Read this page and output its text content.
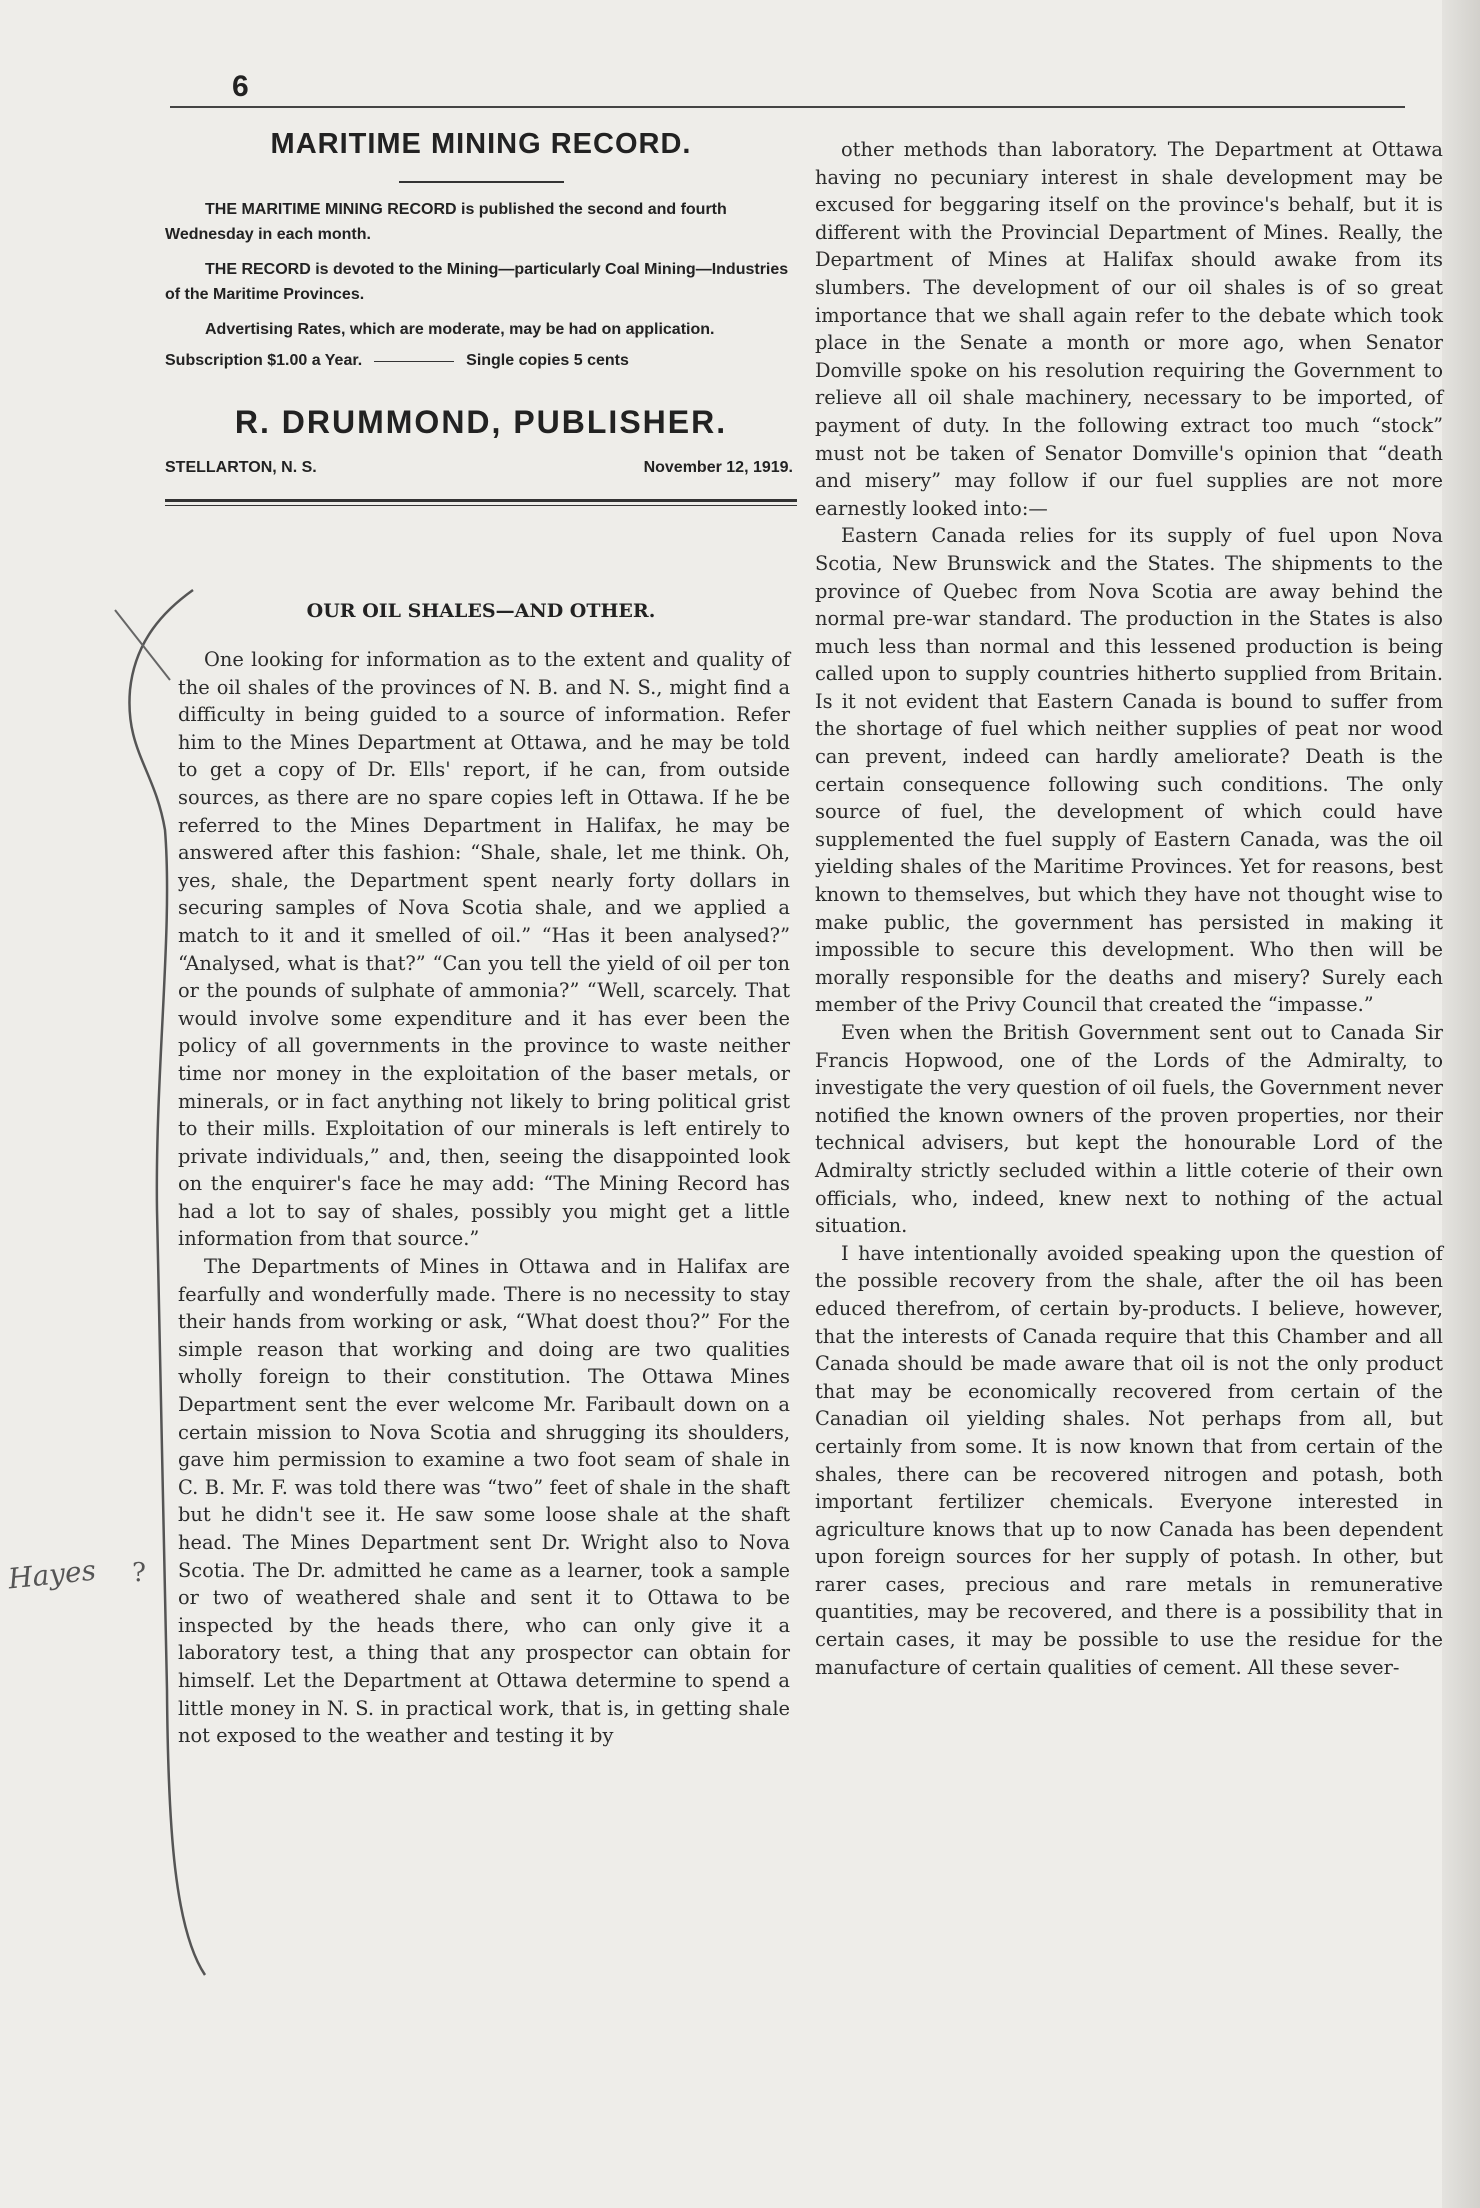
6
MARITIME MINING RECORD.

THE MARITIME MINING RECORD is published the second and fourth Wednesday in each month.

THE RECORD is devoted to the Mining—particularly Coal Mining—Industries of the Maritime Provinces.

Advertising Rates, which are moderate, may be had on application.

Subscription $1.00 a Year.	Single copies 5 cents
R. DRUMMOND, PUBLISHER.
STELLARTON, N. S.	November 12, 1919.
OUR OIL SHALES—AND OTHER.

One looking for information as to the extent and quality of the oil shales of the provinces of N. B. and N. S., might find a difficulty in being guided to a source of information. Refer him to the Mines Department at Ottawa, and he may be told to get a copy of Dr. Ells' report, if he can, from outside sources, as there are no spare copies left in Ottawa. If he be referred to the Mines Department in Halifax, he may be answered after this fashion: “Shale, shale, let me think. Oh, yes, shale, the Department spent nearly forty dollars in securing samples of Nova Scotia shale, and we applied a match to it and it smelled of oil.” “Has it been analysed?” “Analysed, what is that?” “Can you tell the yield of oil per ton or the pounds of sulphate of ammonia?” “Well, scarcely. That would involve some expenditure and it has ever been the policy of all governments in the province to waste neither time nor money in the exploitation of the baser metals, or minerals, or in fact anything not likely to bring political grist to their mills. Exploitation of our minerals is left entirely to private individuals,” and, then, seeing the disappointed look on the enquirer's face he may add: “The Mining Record has had a lot to say of shales, possibly you might get a little information from that source.”

The Departments of Mines in Ottawa and in Halifax are fearfully and wonderfully made. There is no necessity to stay their hands from working or ask, “What doest thou?” For the simple reason that working and doing are two qualities wholly foreign to their constitution. The Ottawa Mines Department sent the ever welcome Mr. Faribault down on a certain mission to Nova Scotia and shrugging its shoulders, gave him permission to examine a two foot seam of shale in C. B. Mr. F. was told there was “two” feet of shale in the shaft but he didn't see it. He saw some loose shale at the shaft head. The Mines Department sent Dr. Wright also to Nova Scotia. The Dr. admitted he came as a learner, took a sample or two of weathered shale and sent it to Ottawa to be inspected by the heads there, who can only give it a laboratory test, a thing that any prospector can obtain for himself. Let the Department at Ottawa determine to spend a little money in N. S. in practical work, that is, in getting shale not exposed to the weather and testing it by

other methods than laboratory. The Department at Ottawa having no pecuniary interest in shale development may be excused for beggaring itself on the province's behalf, but it is different with the Provincial Department of Mines. Really, the Department of Mines at Halifax should awake from its slumbers. The development of our oil shales is of so great importance that we shall again refer to the debate which took place in the Senate a month or more ago, when Senator Domville spoke on his resolution requiring the Government to relieve all oil shale machinery, necessary to be imported, of payment of duty. In the following extract too much “stock” must not be taken of Senator Domville's opinion that “death and misery” may follow if our fuel supplies are not more earnestly looked into:—

Eastern Canada relies for its supply of fuel upon Nova Scotia, New Brunswick and the States. The shipments to the province of Quebec from Nova Scotia are away behind the normal pre-war standard. The production in the States is also much less than normal and this lessened production is being called upon to supply countries hitherto supplied from Britain. Is it not evident that Eastern Canada is bound to suffer from the shortage of fuel which neither supplies of peat nor wood can prevent, indeed can hardly ameliorate? Death is the certain consequence following such conditions. The only source of fuel, the development of which could have supplemented the fuel supply of Eastern Canada, was the oil yielding shales of the Maritime Provinces. Yet for reasons, best known to themselves, but which they have not thought wise to make public, the government has persisted in making it impossible to secure this development. Who then will be morally responsible for the deaths and misery? Surely each member of the Privy Council that created the “impasse.”

Even when the British Government sent out to Canada Sir Francis Hopwood, one of the Lords of the Admiralty, to investigate the very question of oil fuels, the Government never notified the known owners of the proven properties, nor their technical advisers, but kept the honourable Lord of the Admiralty strictly secluded within a little coterie of their own officials, who, indeed, knew next to nothing of the actual situation.

I have intentionally avoided speaking upon the question of the possible recovery from the shale, after the oil has been educed therefrom, of certain by-products. I believe, however, that the interests of Canada require that this Chamber and all Canada should be made aware that oil is not the only product that may be economically recovered from certain of the Canadian oil yielding shales. Not perhaps from all, but certainly from some. It is now known that from certain of the shales, there can be recovered nitrogen and potash, both important fertilizer chemicals. Everyone interested in agriculture knows that up to now Canada has been dependent upon foreign sources for her supply of potash. In other, but rarer cases, precious and rare metals in remunerative quantities, may be recovered, and there is a possibility that in certain cases, it may be possible to use the residue for the manufacture of certain qualities of cement. All these sever-

Hayes ?
